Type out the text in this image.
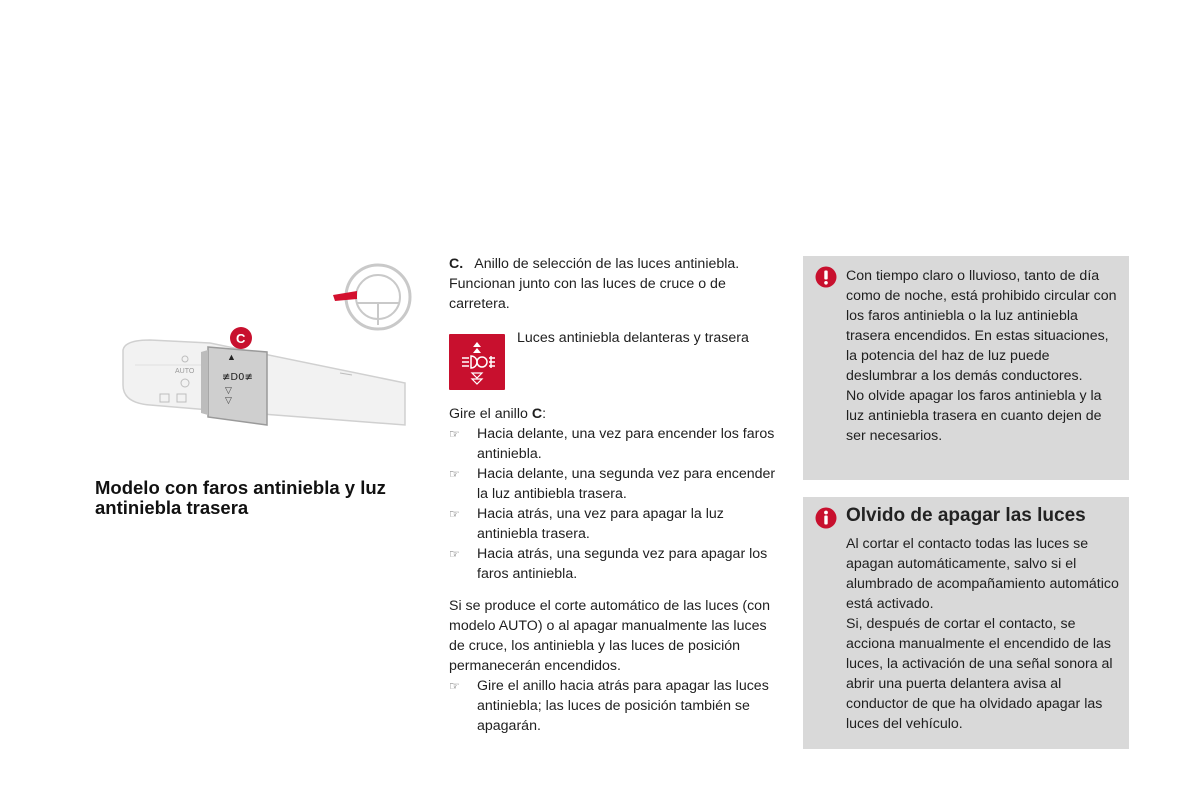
AUTO
▲
≢D0≢
▽
▽
C
Modelo con faros antiniebla y luz antiniebla trasera

C. Anillo de selección de las luces antiniebla. Funcionan junto con las luces de cruce o de carretera.

Luces antiniebla delanteras y trasera

Gire el anillo C:

☞ Hacia delante, una vez para encender los faros antiniebla.
☞ Hacia delante, una segunda vez para encender la luz antibiebla trasera.
☞ Hacia atrás, una vez para apagar la luz antiniebla trasera.
☞ Hacia atrás, una segunda vez para apagar los faros antiniebla.

Si se produce el corte automático de las luces (con modelo AUTO) o al apagar manualmente las luces de cruce, los antiniebla y las luces de posición permanecerán encendidos.

☞ Gire el anillo hacia atrás para apagar las luces antiniebla; las luces de posición también se apagarán.

Con tiempo claro o lluvioso, tanto de día como de noche, está prohibido circular con los faros antiniebla o la luz antiniebla trasera encendidos. En estas situaciones, la potencia del haz de luz puede deslumbrar a los demás conductores.

No olvide apagar los faros antiniebla y la luz antiniebla trasera en cuanto dejen de ser necesarios.

Olvido de apagar las luces

Al cortar el contacto todas las luces se apagan automáticamente, salvo si el alumbrado de acompañamiento automático está activado.

Si, después de cortar el contacto, se acciona manualmente el encendido de las luces, la activación de una señal sonora al abrir una puerta delantera avisa al conductor de que ha olvidado apagar las luces del vehículo.
